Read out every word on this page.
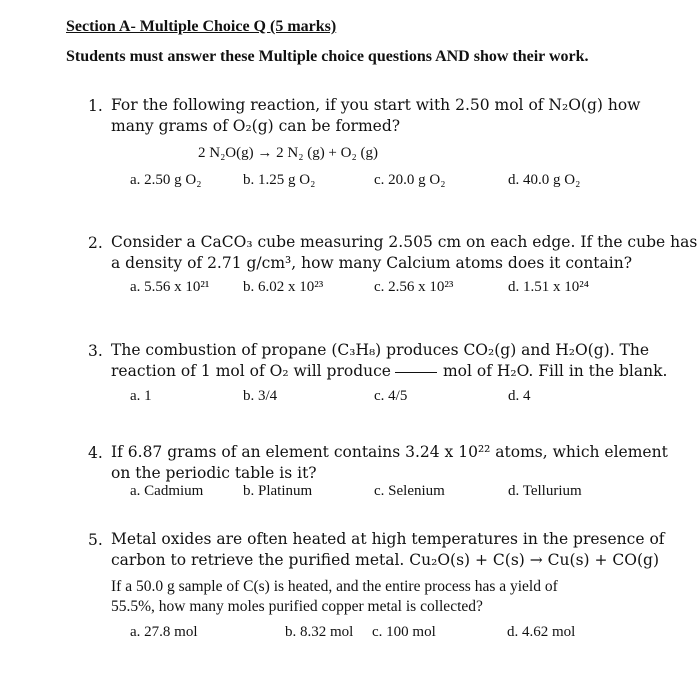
Section A- Multiple Choice Q (5 marks)
Students must answer these Multiple choice questions AND show their work.
1. For the following reaction, if you start with 2.50 mol of N₂O(g) how
many grams of O₂(g) can be formed?
2 N₂O(g) → 2 N₂ (g) + O₂ (g)
a. 2.50 g O₂	b. 1.25 g O₂	c. 20.0 g O₂	d. 40.0 g O₂
2. Consider a CaCO₃ cube measuring 2.505 cm on each edge. If the cube has
a density of 2.71 g/cm³, how many Calcium atoms does it contain?
a. 5.56 x 10²¹ b. 6.02 x 10²³	c. 2.56 x 10²³	d. 1.51 x 10²⁴
3. The combustion of propane (C₃H₈) produces CO₂(g) and H₂O(g). The
reaction of 1 mol of O₂ will produce	mol of H₂O. Fill in the blank.
a. 1	b. 3/4	c. 4/5	d. 4
4. If 6.87 grams of an element contains 3.24 x 10²² atoms, which element
on the periodic table is it?
a. Cadmium	b. Platinum	c. Selenium	d. Tellurium
5. Metal oxides are often heated at high temperatures in the presence of
carbon to retrieve the purified metal. Cu₂O(s) + C(s) → Cu(s) + CO(g)
If a 50.0 g sample of C(s) is heated, and the entire process has a yield of
55.5%, how many moles purified copper metal is collected?
a. 27.8 mol	b. 8.32 mol c. 100 mol	d. 4.62 mol
